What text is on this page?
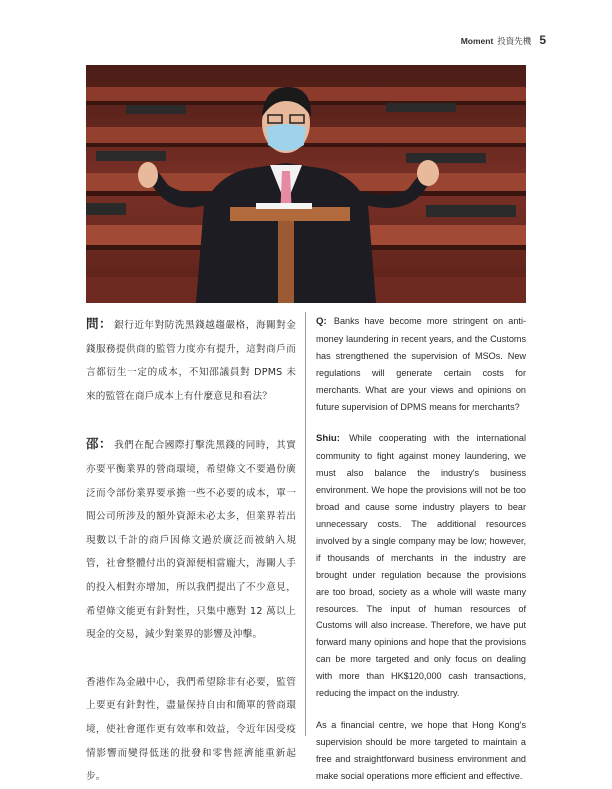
Moment 投資先機 5

問： 銀行近年對防洗黑錢越趨嚴格，海關對金錢服務提供商的監管力度亦有提升，這對商戶而言都衍生一定的成本，不知邵議員對 DPMS 未來的監管在商戶成本上有什麼意見和看法？

邵： 我們在配合國際打擊洗黑錢的同時，其實亦要平衡業界的營商環境，希望條文不要過份廣泛而令部份業界要承擔一些不必要的成本，單一間公司所涉及的額外資源未必太多，但業界若出現數以千計的商戶因條文過於廣泛而被納入規管，社會整體付出的資源便相當龐大，海關人手的投入相對亦增加，所以我們提出了不少意見，希望條文能更有針對性，只集中應對 12 萬以上現金的交易，減少對業界的影響及沖擊。

香港作為金融中心，我們希望除非有必要，監管上要更有針對性，盡量保持自由和簡單的營商環境，使社會運作更有效率和效益，令近年因受疫情影響而變得低迷的批發和零售經濟能重新起步。

Q: Banks have become more stringent on anti-money laundering in recent years, and the Customs has strengthened the supervision of MSOs. New regulations will generate certain costs for merchants. What are your views and opinions on future supervision of DPMS means for merchants?

Shiu: While cooperating with the international community to fight against money laundering, we must also balance the industry's business environment. We hope the provisions will not be too broad and cause some industry players to bear unnecessary costs. The additional resources involved by a single company may be low; however, if thousands of merchants in the industry are brought under regulation because the provisions are too broad, society as a whole will waste many resources. The input of human resources of Customs will also increase. Therefore, we have put forward many opinions and hope that the provisions can be more targeted and only focus on dealing with more than HK$120,000 cash transactions, reducing the impact on the industry.

As a financial centre, we hope that Hong Kong's supervision should be more targeted to maintain a free and straightforward business environment and make social operations more efficient and effective.
